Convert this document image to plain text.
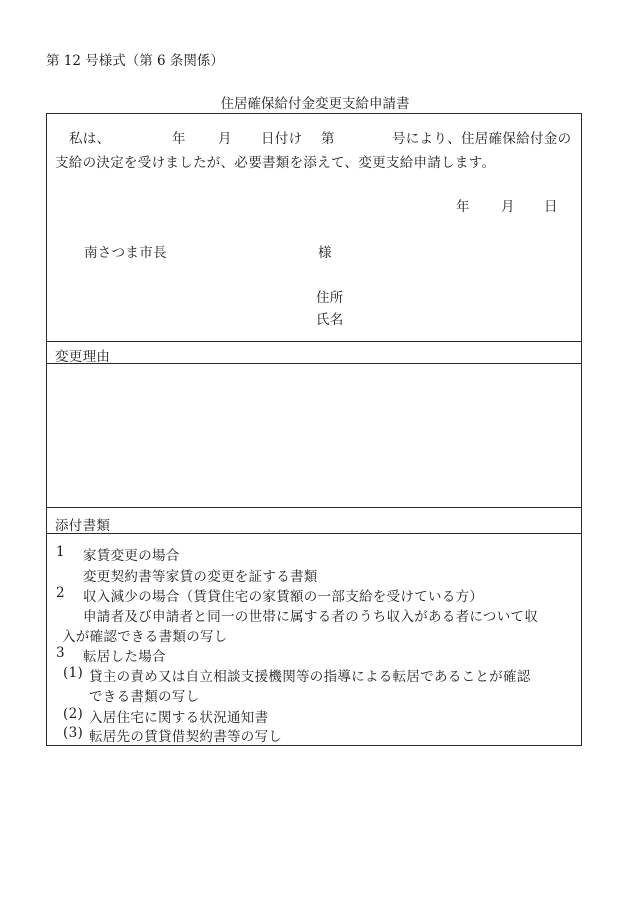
第 12 号様式（第 6 条関係）
住居確保給付金変更支給申請書
私は、	年 月 日付け 第	号により、住居確保給付金の
支給の決定を受けましたが、必要書類を添えて、変更支給申請します。
年 月 日
南さつま市長	様
住所
氏名
変更理由
添付書類
1 家賃変更の場合
変更契約書等家賃の変更を証する書類
2 収入減少の場合（賃貸住宅の家賃額の一部支給を受けている方）
申請者及び申請者と同一の世帯に属する者のうち収入がある者について収
入が確認できる書類の写し
3 転居した場合
(1) 貸主の責め又は自立相談支援機関等の指導による転居であることが確認
できる書類の写し
(2) 入居住宅に関する状況通知書
(3) 転居先の賃貸借契約書等の写し
